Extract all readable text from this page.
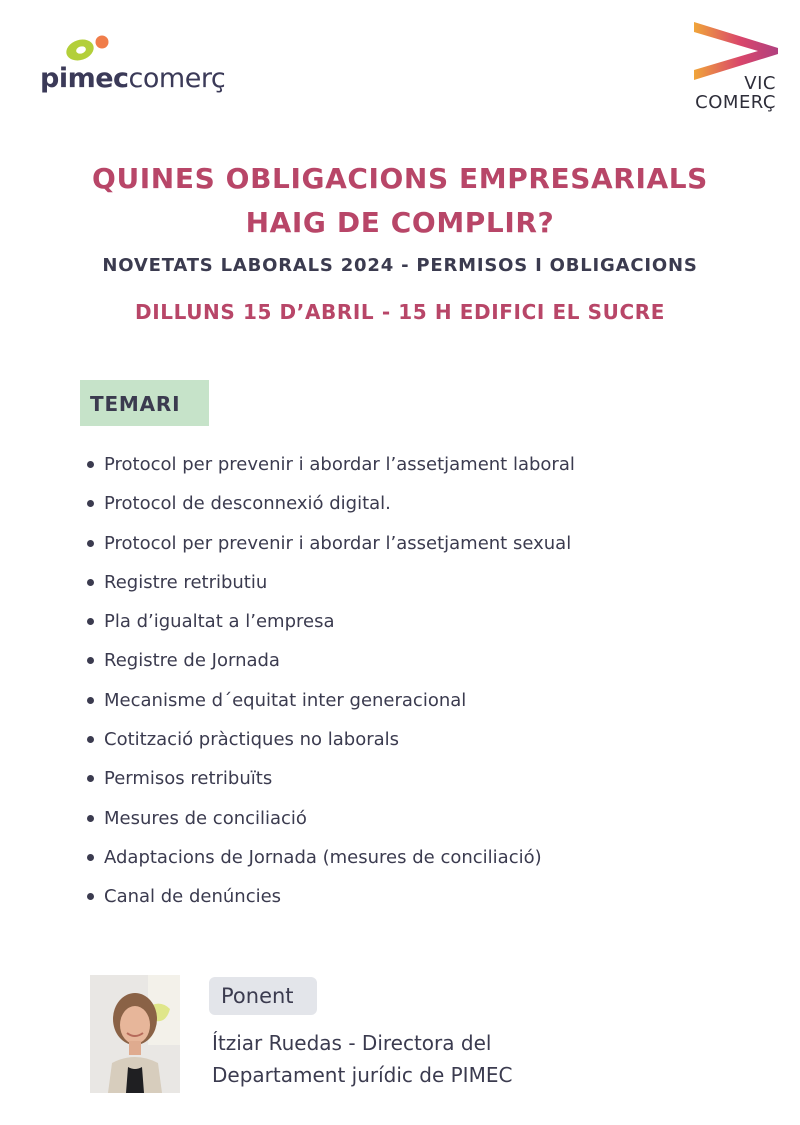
pimeccomerç	VIC
COMERÇ
QUINES OBLIGACIONS EMPRESARIALS
HAIG DE COMPLIR?
NOVETATS LABORALS 2024 - PERMISOS I OBLIGACIONS
DILLUNS 15 D’ABRIL - 15 H EDIFICI EL SUCRE
TEMARI
Protocol per prevenir i abordar l’assetjament laboral
Protocol de desconnexió digital.
Protocol per prevenir i abordar l’assetjament sexual
Registre retributiu
Pla d’igualtat a l’empresa
Registre de Jornada
Mecanisme d´equitat inter generacional
Cotització pràctiques no laborals
Permisos retribuïts
Mesures de conciliació
Adaptacions de Jornada (mesures de conciliació)
Canal de denúncies
Ponent
Ítziar Ruedas - Directora del
Departament jurídic de PIMEC
